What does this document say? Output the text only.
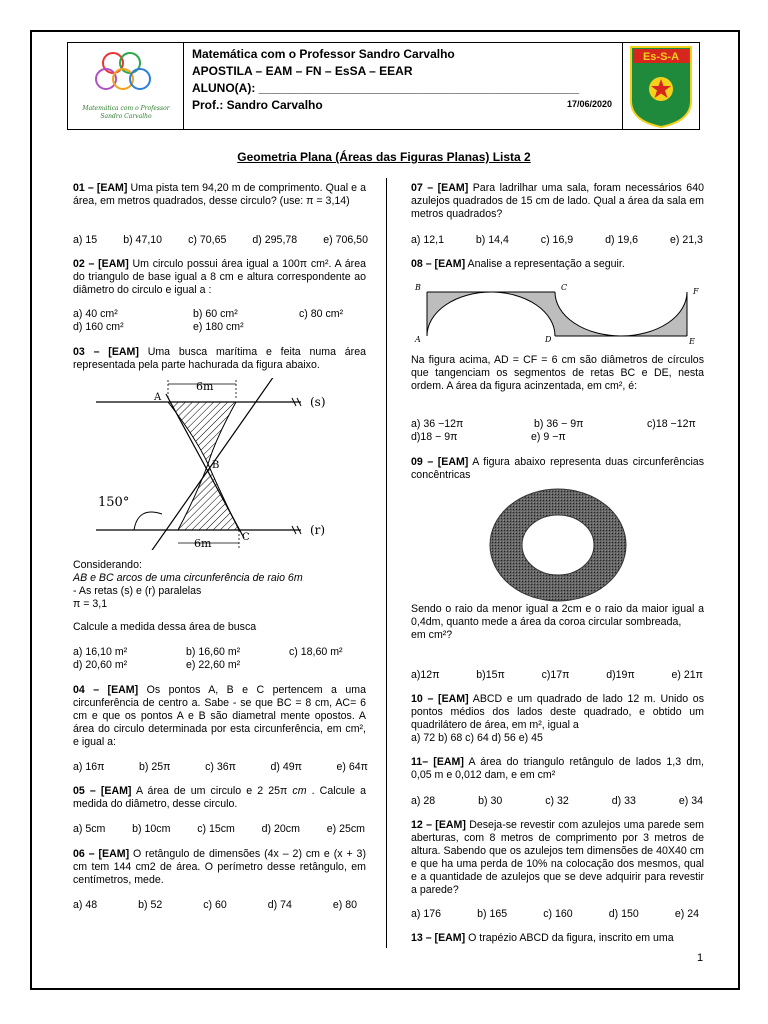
Matemática com o Professor
Sandro Carvalho
Matemática com o Professor Sandro Carvalho
APOSTILA – EAM – FN – EsSA – EEAR
ALUNO(A): ________________________________________________
Prof.: Sandro Carvalho	17/06/2020
Es-S-A
Geometria Plana (Áreas das Figuras Planas) Lista 2
01 – [EAM] Uma pista tem 94,20 m de comprimento. Qual e a área, em metros quadrados, desse circulo? (use: π = 3,14)
a) 15 b) 47,10 c) 70,65 d) 295,78 e) 706,50
02 – [EAM] Um circulo possui área igual a 100π cm². A área do triangulo de base igual a 8 cm e altura correspondente ao diâmetro do circulo e igual a :
a) 40 cm²	b) 60 cm²	c) 80 cm²
d) 160 cm²	e) 180 cm²
03 – [EAM] Uma busca marítima e feita numa área representada pela parte hachurada da figura abaixo.
150°
A
B
C
(s)
(r)
6m
6m
Considerando:
AB e BC arcos de uma circunferência de raio 6m
- As retas (s) e (r) paralelas
π = 3,1
Calcule a medida dessa área de busca
a) 16,10 m²	b) 16,60 m²	c) 18,60 m²
d) 20,60 m²	e) 22,60 m²
04 – [EAM] Os pontos A, B e C pertencem a uma circunferência de centro a. Sabe - se que BC = 8 cm, AC= 6 cm e que os pontos A e B são diametral mente opostos. A área do circulo determinada por esta circunferência, em cm², e igual a:
a) 16π	b) 25π	c) 36π	d) 49π	e) 64π
05 – [EAM] A área de um circulo e 2 25π cm . Calcule a medida do diâmetro, desse circulo.
a) 5cm	b) 10cm	c) 15cm	d) 20cm	e) 25cm
06 – [EAM] O retângulo de dimensões (4x – 2) cm e (x + 3) cm tem 144 cm2 de área. O perímetro desse retângulo, em centímetros, mede.
a) 48	b) 52	c) 60	d) 74	e) 80
07 – [EAM] Para ladrilhar uma sala, foram necessários 640 azulejos quadrados de 15 cm de lado. Qual a área da sala em metros quadrados?
a) 12,1	b) 14,4	c) 16,9	d) 19,6	e) 21,3
08 – [EAM] Analise a representação a seguir.
B	C	F
A	D	E
Na figura acima, AD = CF = 6 cm são diâmetros de círculos que tangenciam os segmentos de retas BC e DE, nesta ordem. A área da figura acinzentada, em cm², é:
a) 36 −12π	b) 36 − 9π	c)18 −12π
d)18 − 9π	e) 9 −π
09 – [EAM] A figura abaixo representa duas circunferências concêntricas
Sendo o raio da menor igual a 2cm e o raio da maior igual a 0,4dm, quanto mede a área da coroa circular sombreada,
em cm²?
a)12π	b)15π	c)17π	d)19π	e) 21π
10 – [EAM] ABCD e um quadrado de lado 12 m. Unido os pontos médios dos lados deste quadrado, e obtido um quadrilátero de área, em m², igual a
a) 72 b) 68 c) 64 d) 56 e) 45
11– [EAM] A área do triangulo retângulo de lados 1,3 dm, 0,05 m e 0,012 dam, e em cm²
a) 28	b) 30	c) 32	d) 33	e) 34
12 – [EAM] Deseja-se revestir com azulejos uma parede sem aberturas, com 8 metros de comprimento por 3 metros de altura. Sabendo que os azulejos tem dimensões de 40X40 cm e que ha uma perda de 10% na colocação dos mesmos, qual e a quantidade de azulejos que se deve adquirir para revestir a parede?
a) 176	b) 165	c) 160	d) 150	e) 24
13 – [EAM] O trapézio ABCD da figura, inscrito em uma
1
